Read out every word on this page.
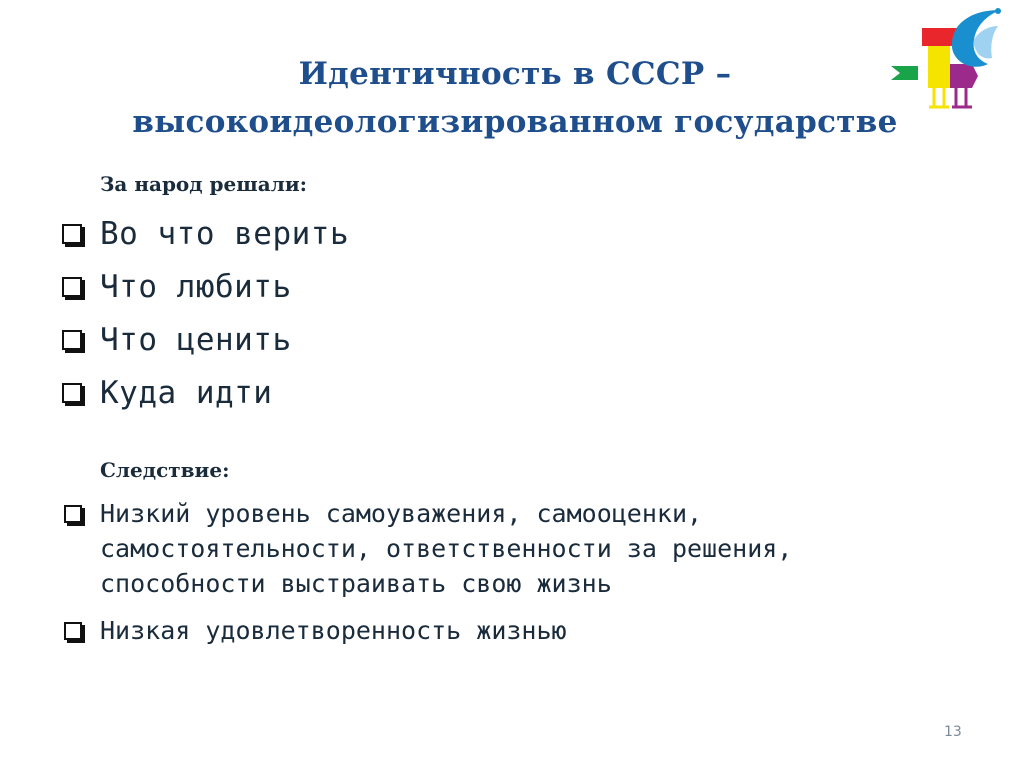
Идентичность в СССР –
высокоидеологизированном государстве
За народ решали:
Во что верить
Что любить
Что ценить
Куда идти
Следствие:
Низкий уровень самоуважения, самооценки,
самостоятельности, ответственности за решения,
способности выстраивать свою жизнь
Низкая удовлетворенность жизнью
13
